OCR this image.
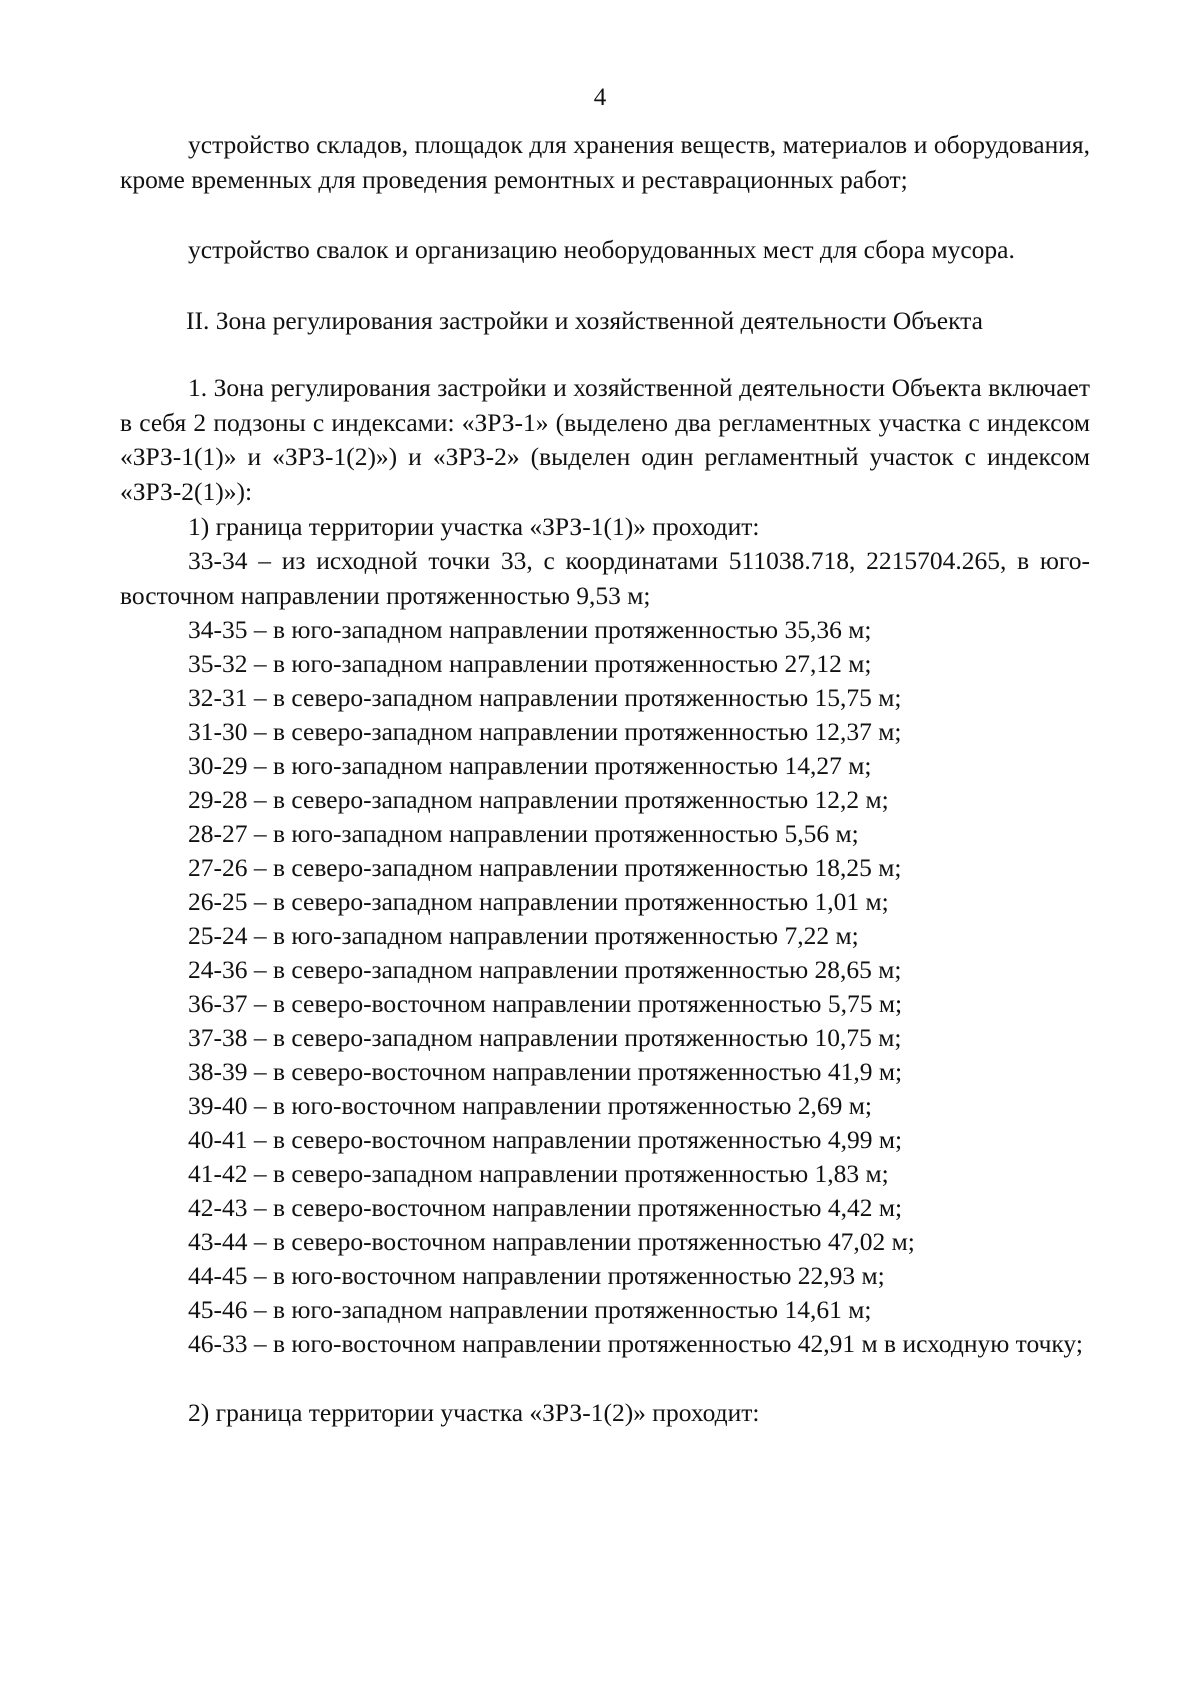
4

устройство складов, площадок для хранения веществ, материалов и оборудования, кроме временных для проведения ремонтных и реставрационных работ;

устройство свалок и организацию необорудованных мест для сбора мусора.

II. Зона регулирования застройки и хозяйственной деятельности Объекта

1. Зона регулирования застройки и хозяйственной деятельности Объекта включает в себя 2 подзоны с индексами: «ЗРЗ-1» (выделено два регламентных участка с индексом «ЗРЗ-1(1)» и «ЗРЗ-1(2)») и «ЗРЗ-2» (выделен один регламентный участок с индексом «ЗРЗ-2(1)»):

1) граница территории участка «ЗРЗ-1(1)» проходит:

33-34 – из исходной точки 33, с координатами 511038.718, 2215704.265, в юго-восточном направлении протяженностью 9,53 м;

34-35 – в юго-западном направлении протяженностью 35,36 м;
35-32 – в юго-западном направлении протяженностью 27,12 м;
32-31 – в северо-западном направлении протяженностью 15,75 м;
31-30 – в северо-западном направлении протяженностью 12,37 м;
30-29 – в юго-западном направлении протяженностью 14,27 м;
29-28 – в северо-западном направлении протяженностью 12,2 м;
28-27 – в юго-западном направлении протяженностью 5,56 м;
27-26 – в северо-западном направлении протяженностью 18,25 м;
26-25 – в северо-западном направлении протяженностью 1,01 м;
25-24 – в юго-западном направлении протяженностью 7,22 м;
24-36 – в северо-западном направлении протяженностью 28,65 м;
36-37 – в северо-восточном направлении протяженностью 5,75 м;
37-38 – в северо-западном направлении протяженностью 10,75 м;
38-39 – в северо-восточном направлении протяженностью 41,9 м;
39-40 – в юго-восточном направлении протяженностью 2,69 м;
40-41 – в северо-восточном направлении протяженностью 4,99 м;
41-42 – в северо-западном направлении протяженностью 1,83 м;
42-43 – в северо-восточном направлении протяженностью 4,42 м;
43-44 – в северо-восточном направлении протяженностью 47,02 м;
44-45 – в юго-восточном направлении протяженностью 22,93 м;
45-46 – в юго-западном направлении протяженностью 14,61 м;

46-33 – в юго-восточном направлении протяженностью 42,91 м в исходную точку;

2) граница территории участка «ЗРЗ-1(2)» проходит:
